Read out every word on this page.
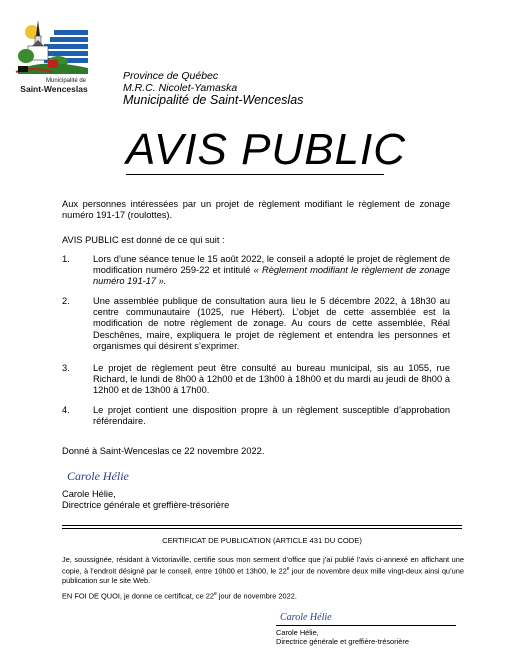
Municipalité de
Saint-Wenceslas
Province de Québec
M.R.C. Nicolet-Yamaska
Municipalité de Saint-Wenceslas
AVIS PUBLIC
Aux personnes intéressées par un projet de règlement modifiant le règlement de zonage numéro 191-17 (roulottes).
AVIS PUBLIC est donné de ce qui suit :
1. Lors d’une séance tenue le 15 août 2022, le conseil a adopté le projet de règlement de modification numéro 259-22 et intitulé « Règlement modifiant le règlement de zonage numéro 191-17 ».
2. Une assemblée publique de consultation aura lieu le 5 décembre 2022, à 18h30 au centre communautaire (1025, rue Hébert). L’objet de cette assemblée est la modification de notre règlement de zonage. Au cours de cette assemblée, Réal Deschênes, maire, expliquera le projet de règlement et entendra les personnes et organismes qui désirent s’exprimer.
3. Le projet de règlement peut être consulté au bureau municipal, sis au 1055, rue Richard, le lundi de 8h00 à 12h00 et de 13h00 à 18h00 et du mardi au jeudi de 8h00 à 12h00 et de 13h00 à 17h00.
4. Le projet contient une disposition propre à un règlement susceptible d’approbation référendaire.
Donné à Saint-Wenceslas ce 22 novembre 2022.
Carole Hélie
Carole Hélie,
Directrice générale et greffière-trésorière
CERTIFICAT DE PUBLICATION (ARTICLE 431 DU CODE)
Je, soussignée, résidant à Victoriaville, certifie sous mon serment d’office que j’ai publié l’avis ci-annexé en affichant une copie, à l’endroit désigné par le conseil, entre 10h00 et 13h00, le 22e jour de novembre deux mille vingt-deux ainsi qu’une publication sur le site Web.
EN FOI DE QUOI, je donne ce certificat, ce 22e jour de novembre 2022.
Carole Hélie
Carole Hélie,
Directrice générale et greffière-trésorière
